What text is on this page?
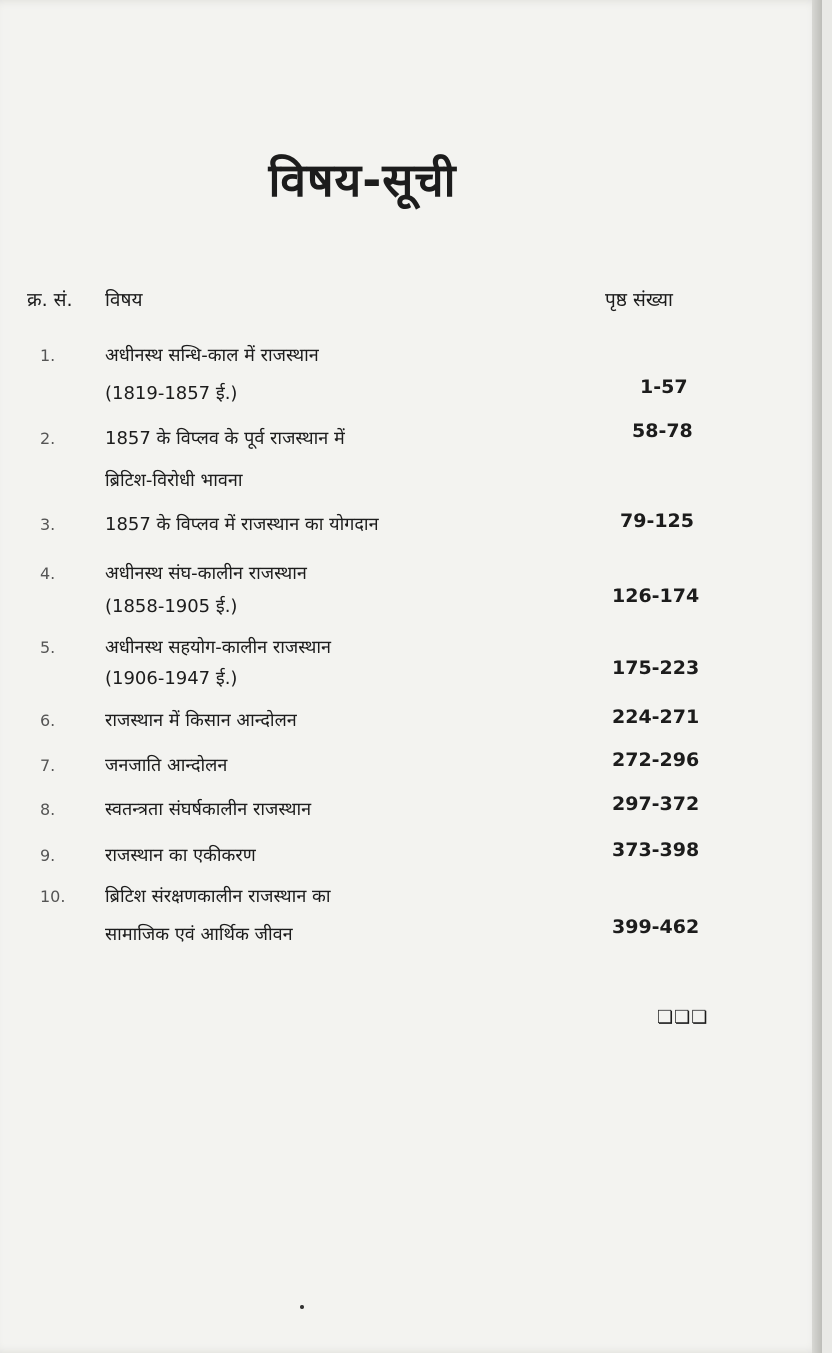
विषय-सूची
क्र. सं. विषय	पृष्ठ संख्या
1.	अधीनस्थ सन्धि-काल में राजस्थान
(1819-1857 ई.)	1-57
2.	1857 के विप्लव के पूर्व राजस्थान में
ब्रिटिश-विरोधी भावना
58-78
3.	1857 के विप्लव में राजस्थान का योगदान	79-125
4.	अधीनस्थ संघ-कालीन राजस्थान
(1858-1905 ई.)	126-174
5.	अधीनस्थ सहयोग-कालीन राजस्थान
(1906-1947 ई.)	175-223
6.	राजस्थान में किसान आन्दोलन	224-271
7.	जनजाति आन्दोलन	272-296
8.	स्वतन्त्रता संघर्षकालीन राजस्थान	297-372
9.	राजस्थान का एकीकरण	373-398
10. ब्रिटिश संरक्षणकालीन राजस्थान का
सामाजिक एवं आर्थिक जीवन	399-462
❏❏❏
